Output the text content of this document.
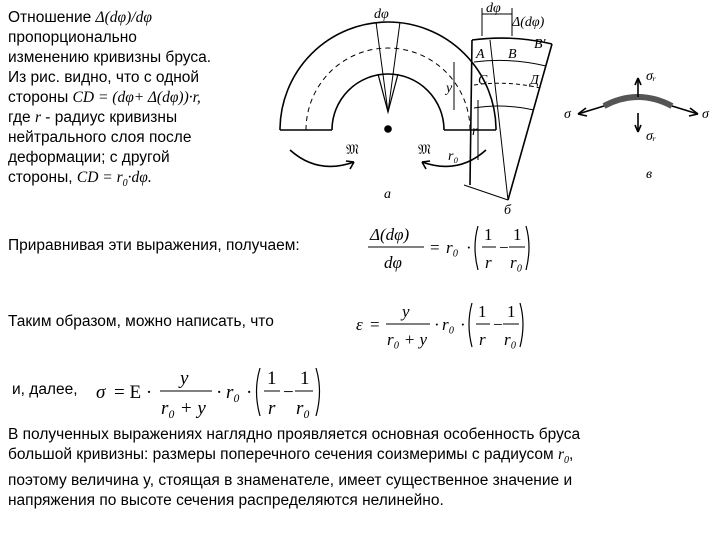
Отношение Δ(dφ)/dφ
пропорционально
изменению кривизны бруса.
Из рис. видно, что с одной
стороны CD = (dφ+ Δ(dφ))·r,
где r - радиус кривизны
нейтрального слоя после
деформации; с другой
стороны, CD = $r_0\cdot d\varphi$.
dφ
𝔐	𝔐
а
dφ
Δ(dφ)
A B
B'
C	Д
y
r
r₀
б
σ	σ
σᵣ
σᵣ
в
Приравнивая эти выражения, получаем:
Δ(dφ)
dφ
= r₀ ·
1
r
−
1
r₀
Таким образом, можно написать, что	ε =
y
r₀ + y
· r₀ ·
1
r
−
1
r₀
и, далее, σ = E ·
y
r₀ + y
· r₀ ·
1
r
−
1
r₀
В полученных выражениях наглядно проявляется основная особенность бруса
большой кривизны: размеры поперечного сечения соизмеримы с радиусом $r_0$,
поэтому величина y, стоящая в знаменателе, имеет существенное значение и
напряжения по высоте сечения распределяются нелинейно.
